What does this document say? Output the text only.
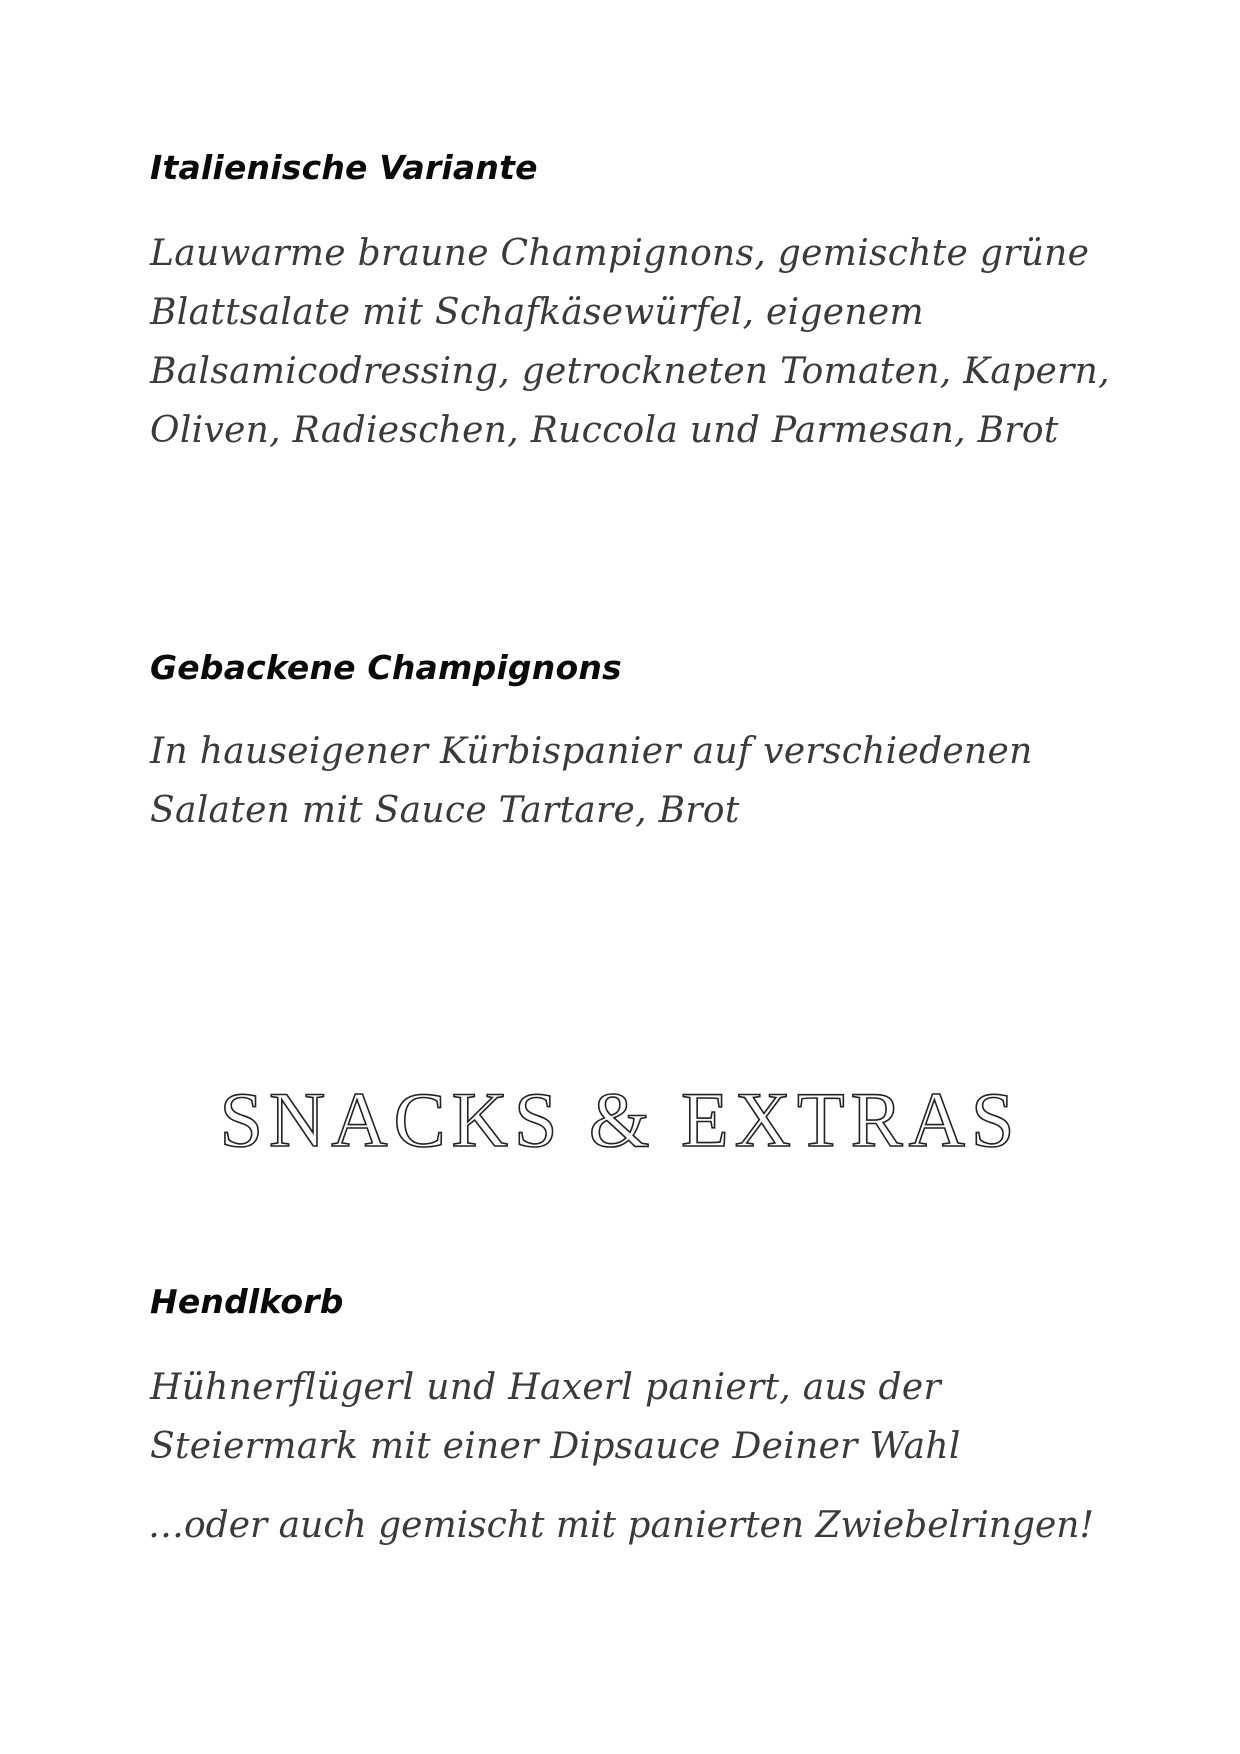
Italienische Variante

Lauwarme braune Champignons, gemischte grüne
Blattsalate mit Schafkäsewürfel, eigenem
Balsamicodressing, getrockneten Tomaten, Kapern,
Oliven, Radieschen, Ruccola und Parmesan, Brot

Gebackene Champignons

In hauseigener Kürbispanier auf verschiedenen
Salaten mit Sauce Tartare, Brot

SNACKS & EXTRAS
Hendlkorb

Hühnerflügerl und Haxerl paniert, aus der
Steiermark mit einer Dipsauce Deiner Wahl

…oder auch gemischt mit panierten Zwiebelringen!
